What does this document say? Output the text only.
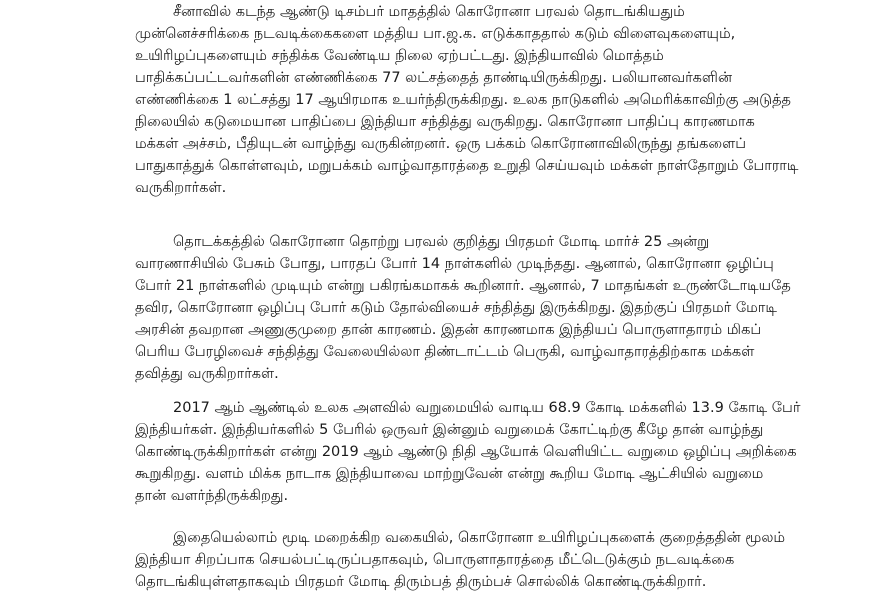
சீனாவில் கடந்த ஆண்டு டிசம்பர் மாதத்தில் கொரோனா பரவல் தொடங்கியதும்
முன்னெச்சரிக்கை நடவடிக்கைகளை மத்திய பா.ஜ.க. எடுக்காததால் கடும் விளைவுகளையும்,
உயிரிழப்புகளையும் சந்திக்க வேண்டிய நிலை ஏற்பட்டது. இந்தியாவில் மொத்தம்
பாதிக்கப்பட்டவர்களின் எண்ணிக்கை 77 லட்சத்தைத் தாண்டியிருக்கிறது. பலியானவர்களின்
எண்ணிக்கை 1 லட்சத்து 17 ஆயிரமாக உயர்ந்திருக்கிறது. உலக நாடுகளில் அமெரிக்காவிற்கு அடுத்த
நிலையில் கடுமையான பாதிப்பை இந்தியா சந்தித்து வருகிறது. கொரோனா பாதிப்பு காரணமாக
மக்கள் அச்சம், பீதியுடன் வாழ்ந்து வருகின்றனர். ஒரு பக்கம் கொரோனாவிலிருந்து தங்களைப்
பாதுகாத்துக் கொள்ளவும், மறுபக்கம் வாழ்வாதாரத்தை உறுதி செய்யவும் மக்கள் நாள்தோறும் போராடி
வருகிறார்கள்.
தொடக்கத்தில் கொரோனா தொற்று பரவல் குறித்து பிரதமர் மோடி மார்ச் 25 அன்று
வாரணாசியில் பேசும் போது, பாரதப் போர் 14 நாள்களில் முடிந்தது. ஆனால், கொரோனா ஒழிப்பு
போர் 21 நாள்களில் முடியும் என்று பகிரங்கமாகக் கூறினார். ஆனால், 7 மாதங்கள் உருண்டோடியதே
தவிர, கொரோனா ஒழிப்பு போர் கடும் தோல்வியைச் சந்தித்து இருக்கிறது. இதற்குப் பிரதமர் மோடி
அரசின் தவறான அணுகுமுறை தான் காரணம். இதன் காரணமாக இந்தியப் பொருளாதாரம் மிகப்
பெரிய பேரழிவைச் சந்தித்து வேலையில்லா திண்டாட்டம் பெருகி, வாழ்வாதாரத்திற்காக மக்கள்
தவித்து வருகிறார்கள்.
2017 ஆம் ஆண்டில் உலக அளவில் வறுமையில் வாடிய 68.9 கோடி மக்களில் 13.9 கோடி பேர்
இந்தியர்கள். இந்தியர்களில் 5 பேரில் ஒருவர் இன்னும் வறுமைக் கோட்டிற்கு கீழே தான் வாழ்ந்து
கொண்டிருக்கிறார்கள் என்று 2019 ஆம் ஆண்டு நிதி ஆயோக் வெளியிட்ட வறுமை ஒழிப்பு அறிக்கை
கூறுகிறது. வளம் மிக்க நாடாக இந்தியாவை மாற்றுவேன் என்று கூறிய மோடி ஆட்சியில் வறுமை
தான் வளர்ந்திருக்கிறது.
இதையெல்லாம் மூடி மறைக்கிற வகையில், கொரோனா உயிரிழப்புகளைக் குறைத்ததின் மூலம்
இந்தியா சிறப்பாக செயல்பட்டிருப்பதாகவும், பொருளாதாரத்தை மீட்டெடுக்கும் நடவடிக்கை
தொடங்கியுள்ளதாகவும் பிரதமர் மோடி திரும்பத் திரும்பச் சொல்லிக் கொண்டிருக்கிறார்.
